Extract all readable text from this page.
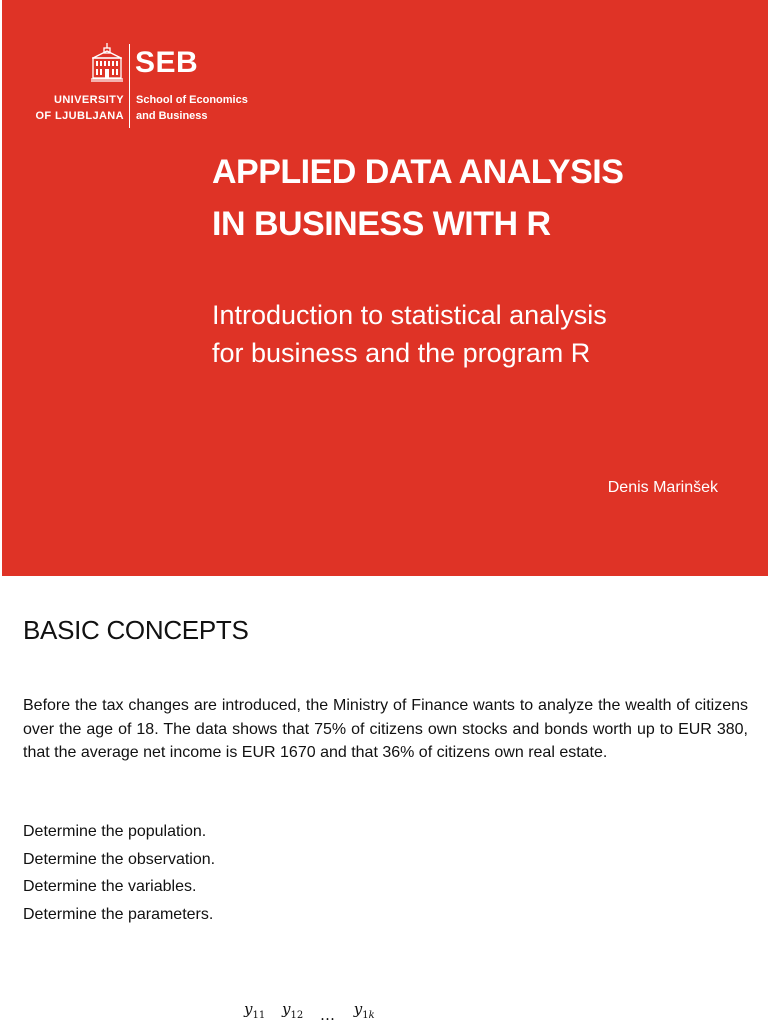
UNIVERSITY
OF LJUBLJANA
SEB
School of Economics
and Business
APPLIED DATA ANALYSIS
IN BUSINESS WITH R
Introduction to statistical analysis
for business and the program R
Denis Marinšek
BASIC CONCEPTS
Before the tax changes are introduced, the Ministry of Finance wants to analyze the wealth of citizens over the age of 18. The data shows that 75% of citizens own stocks and bonds worth up to EUR 380, that the average net income is EUR 1670 and that 36% of citizens own real estate.
Determine the population.
Determine the observation.
Determine the variables.
Determine the parameters.
$y_{11}$ $y_{12}$ … $y_{1k}$
